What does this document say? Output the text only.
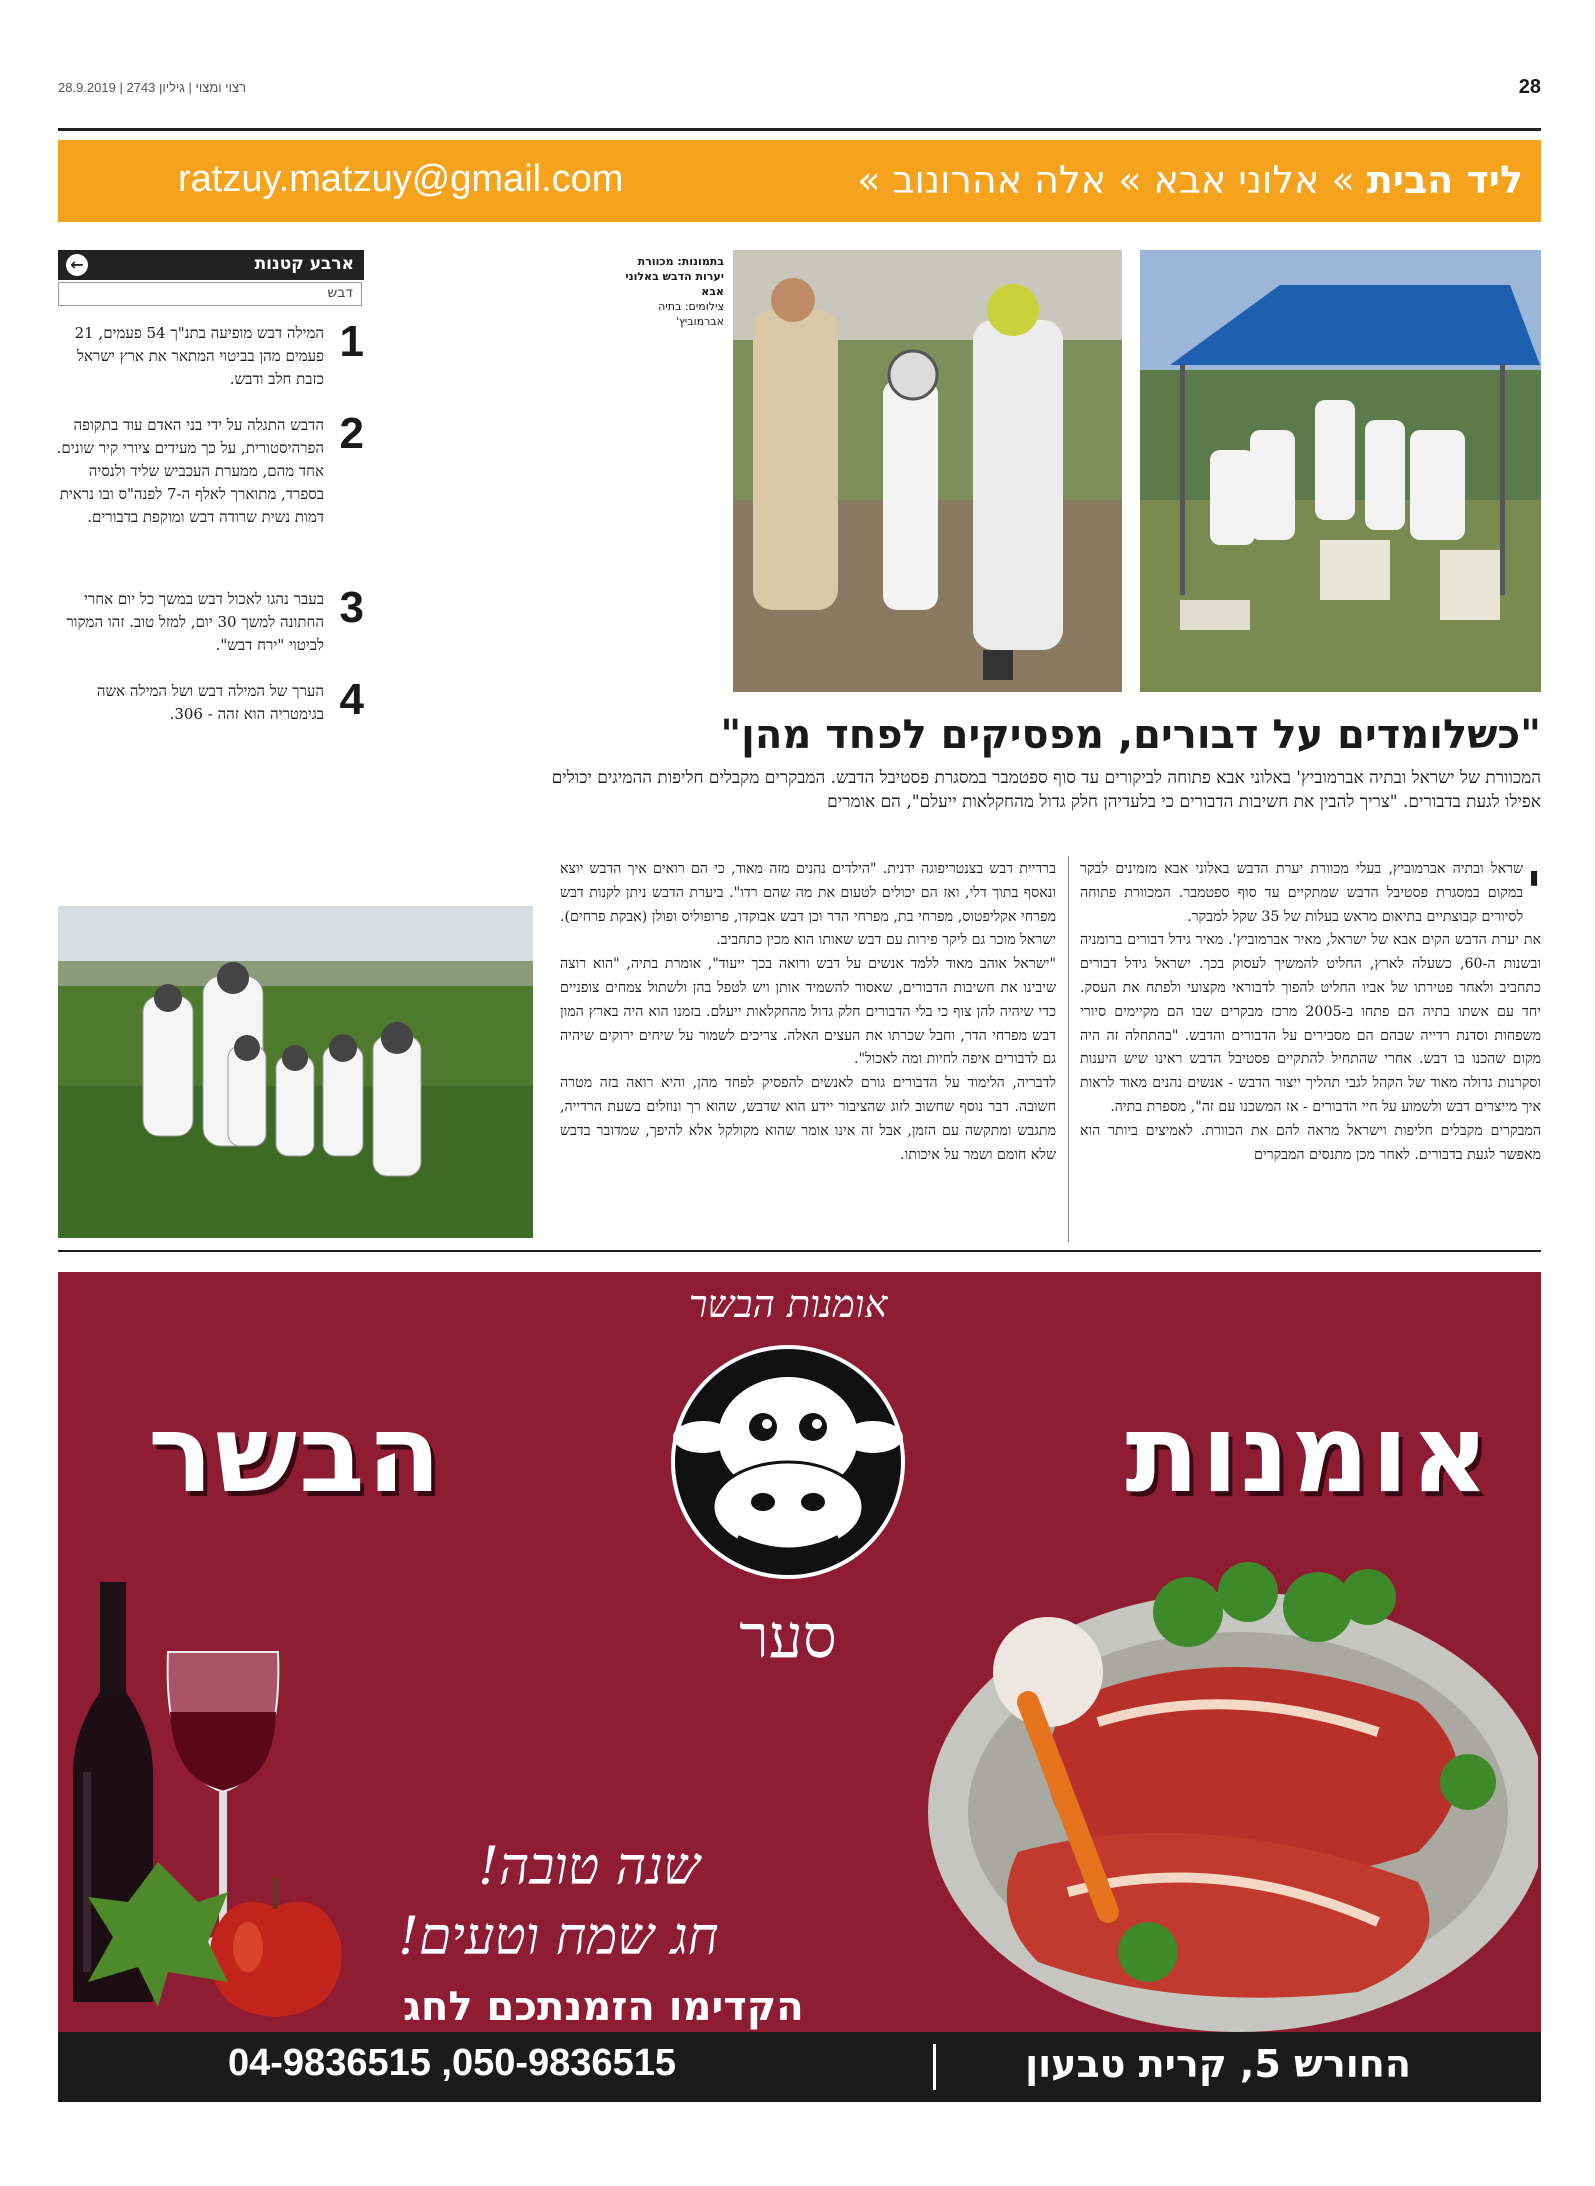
רצוי ומצוי | גיליון 2743 | 28.9.2019	28
ליד הבית » אלוני אבא » אלה אהרונוב »
ratzuy.matzuy@gmail.com
בתמונות: מכוורת
יערות הדבש באלוני
אבא
צילומים: בתיה
אברמוביץ'
ארבע קטנות
←
דבש
1
המילה דבש מופיעה בתנ"ך 54 פעמים, 21 פעמים מהן בביטוי המתאר את ארץ ישראל כזבת חלב ודבש.
2
הדבש התגלה על ידי בני האדם עוד בתקופה הפרהיסטורית, על כך מעידים ציורי קיר שונים. אחד מהם, ממערת העכביש שליד ולנסיה בספרד, מתוארך לאלף ה-7 לפנה"ס ובו נראית דמות נשית שרודה דבש ומוקפת בדבורים.
3
בעבר נהגו לאכול דבש במשך כל יום אחרי החתונה למשך 30 יום, למזל טוב. זהו המקור לביטוי "ירח דבש".
4
הערך של המילה דבש ושל המילה אשה בגימטריה הוא זהה - 306.	"כשלומדים על דבורים, מפסיקים לפחד מהן"
המכוורת של ישראל ובתיה אברמוביץ' באלוני אבא פתוחה לביקורים עד סוף ספטמבר במסגרת פסטיבל הדבש. המבקרים מקבלים חליפות ההמיגים יכולים אפילו לגעת בדבורים. "צריך להבין את חשיבות הדבורים כי בלעדיהן חלק גדול מהחקלאות ייעלם", הם אומרים
י

שראל ובתיה אברמוביץ, בעלי מכוורת יערת הדבש באלוני אבא מזמינים לבקר במקום במסגרת פסטיבל הדבש שמתקיים עד סוף ספטמבר. המכוורת פתוחה לסיורים קבוצתיים בתיאום מראש בעלות של 35 שקל למבקר.

את יערת הדבש הקים אבא של ישראל, מאיר אברמוביץ'. מאיר גידל דבורים ברומניה ובשנות ה-60, כשעלה לארץ, החליט להמשיך לעסוק בכך. ישראל גידל דבורים כתחביב ולאחר פטירתו של אביו החליט להפוך לדבוראי מקצועי ולפתח את העסק. יחד עם אשתו בתיה הם פתחו ב-2005 מרכז מבקרים שבו הם מקיימים סיורי משפחות וסדנת רדייה שבהם הם מסבירים על הדבורים והדבש. "בהתחלה זה היה מקום שהכנו בו דבש. אחרי שהתחיל להתקיים פסטיבל הדבש ראינו שיש היענות וסקרנות גדולה מאוד של הקהל לגבי תהליך ייצור הדבש - אנשים נהנים מאוד לראות איך מייצרים דבש ולשמוע על חיי הדבורים - אז המשכנו עם זה", מספרת בתיה.

המבקרים מקבלים חליפות וישראל מראה להם את הכוורת. לאמיצים ביותר הוא מאפשר לגעת בדבורים. לאחר מכן מתנסים המבקרים

ברדיית דבש בצנטריפוגה ידנית. "הילדים נהנים מזה מאוד, כי הם רואים איך הדבש יוצא ונאסף בתוך דלי, ואז הם יכולים לטעום את מה שהם רדו". ביערת הדבש ניתן לקנות דבש מפרחי אקליפטוס, מפרחי בת, מפרחי הדר וכן דבש אבוקדו, פרופוליס ופולן (אבקת פרחים). ישראל מוכר גם ליקר פירות עם דבש שאותו הוא מכין כתחביב.

"ישראל אוהב מאוד ללמד אנשים על דבש ורואה בכך ייעוד", אומרת בתיה, "הוא רוצה שיבינו את חשיבות הדבורים, שאסור להשמיד אותן ויש לטפל בהן ולשתול צמחים צופניים כדי שיהיה להן צוף כי בלי הדבורים חלק גדול מהחקלאות ייעלם. בזמנו הוא היה בארץ המון דבש מפרחי הדר, וחבל שכרתו את העצים האלה. צריכים לשמור על שיחים ירוקים שיהיה גם לדבורים איפה לחיות ומה לאכול".

לדבריה, הלימוד על הדבורים גורם לאנשים להפסיק לפחד מהן, והיא רואה בזה מטרה חשובה. דבר נוסף שחשוב לזוג שהציבור יידע הוא שדבש, שהוא רך ונוזלים בשעת הרדייה, מתגבש ומתקשה עם הזמן, אבל זה אינו אומר שהוא מקולקל אלא להיפך, שמדובר בדבש שלא חומם ושמר על איכותו.

אומנות
הבשר
אומנות הבשר
סער
שנה טובה!
חג שמח וטעים!
הקדימו הזמנתכם לחג
החורש 5, קרית טבעון
04-9836515 ,050-9836515
